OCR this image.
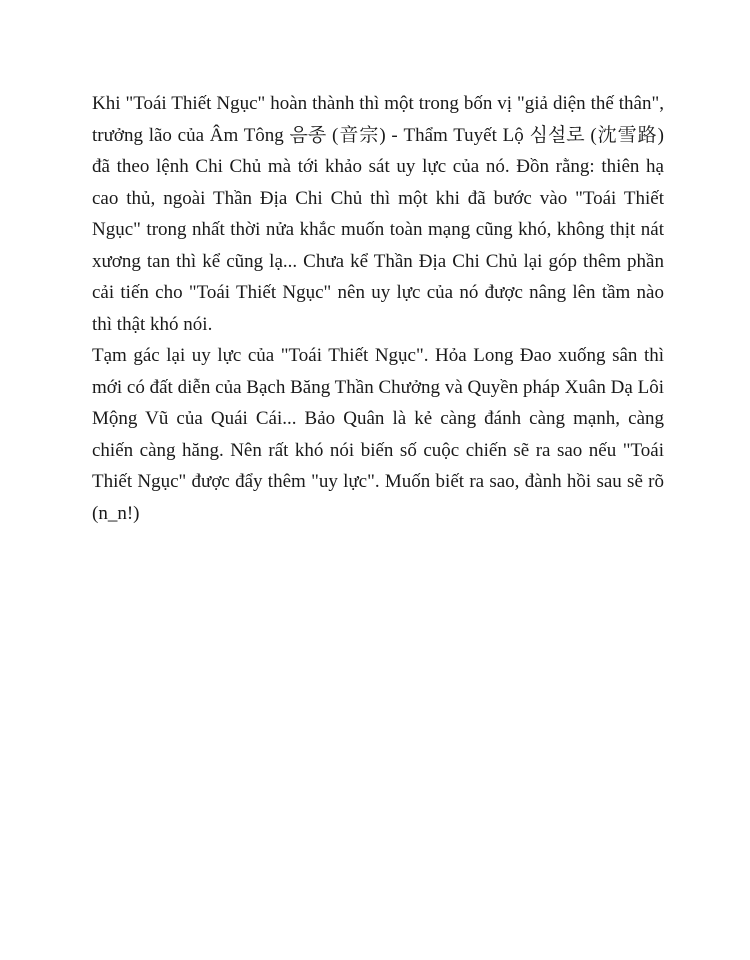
Khi "Toái Thiết Ngục" hoàn thành thì một trong bốn vị "giả diện thế thân", trưởng lão của Âm Tông 음종 (音宗) - Thẩm Tuyết Lộ 심설로 (沈雪路) đã theo lệnh Chi Chủ mà tới khảo sát uy lực của nó. Đồn rằng: thiên hạ cao thủ, ngoài Thần Địa Chi Chủ thì một khi đã bước vào "Toái Thiết Ngục" trong nhất thời nửa khắc muốn toàn mạng cũng khó, không thịt nát xương tan thì kể cũng lạ... Chưa kể Thần Địa Chi Chủ lại góp thêm phần cải tiến cho "Toái Thiết Ngục" nên uy lực của nó được nâng lên tầm nào thì thật khó nói.

Tạm gác lại uy lực của "Toái Thiết Ngục". Hỏa Long Đao xuống sân thì mới có đất diễn của Bạch Băng Thần Chưởng và Quyền pháp Xuân Dạ Lôi Mộng Vũ của Quái Cái... Bảo Quân là kẻ càng đánh càng mạnh, càng chiến càng hăng. Nên rất khó nói biến số cuộc chiến sẽ ra sao nếu "Toái Thiết Ngục" được đẩy thêm "uy lực". Muốn biết ra sao, đành hồi sau sẽ rõ (n_n!)
